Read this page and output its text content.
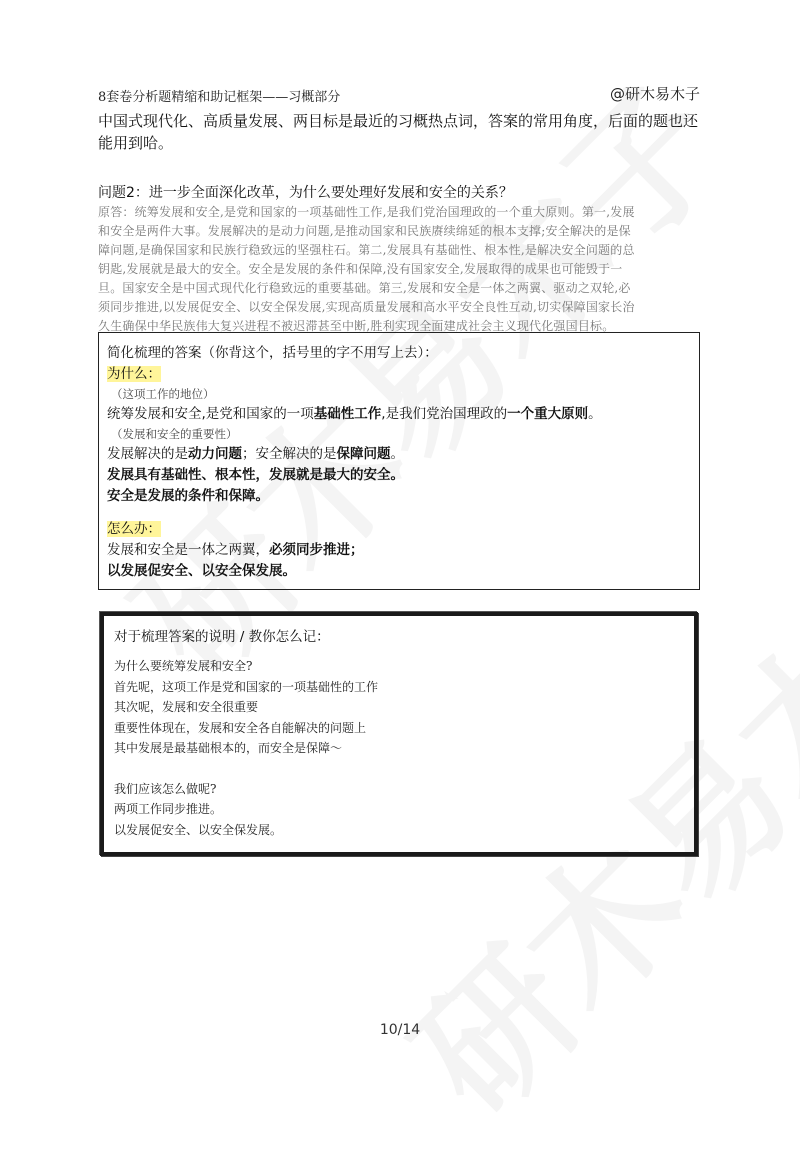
8套卷分析题精缩和助记框架——习概部分	@研木易木子
中国式现代化、高质量发展、两目标是最近的习概热点词，答案的常用角度，后面的题也还能用到哈。
问题2：进一步全面深化改革，为什么要处理好发展和安全的关系？
原答：统筹发展和安全,是党和国家的一项基础性工作,是我们党治国理政的一个重大原则。第一,发展
和安全是两件大事。发展解决的是动力问题,是推动国家和民族赓续绵延的根本支撑;安全解决的是保
障问题,是确保国家和民族行稳致远的坚强柱石。第二,发展具有基础性、根本性,是解决安全问题的总
钥匙,发展就是最大的安全。安全是发展的条件和保障,没有国家安全,发展取得的成果也可能毁于一
旦。国家安全是中国式现代化行稳致远的重要基础。第三,发展和安全是一体之两翼、驱动之双轮,必
须同步推进,以发展促安全、以安全保发展,实现高质量发展和高水平安全良性互动,切实保障国家长治
久生确保中华民族伟大复兴进程不被迟滞甚至中断,胜利实现全面建成社会主义现代化强国目标。
简化梳理的答案（你背这个，括号里的字不用写上去）：
为什么：
（这项工作的地位）
统筹发展和安全,是党和国家的一项基础性工作,是我们党治国理政的一个重大原则。
（发展和安全的重要性）
发展解决的是动力问题；安全解决的是保障问题。
发展具有基础性、根本性，发展就是最大的安全。
安全是发展的条件和保障。
怎么办：
发展和安全是一体之两翼，必须同步推进；
以发展促安全、以安全保发展。
对于梳理答案的说明 / 教你怎么记：
为什么要统筹发展和安全?
首先呢，这项工作是党和国家的一项基础性的工作
其次呢，发展和安全很重要
重要性体现在，发展和安全各自能解决的问题上
其中发展是最基础根本的，而安全是保障～
我们应该怎么做呢?
两项工作同步推进。
以发展促安全、以安全保发展。
10/14
